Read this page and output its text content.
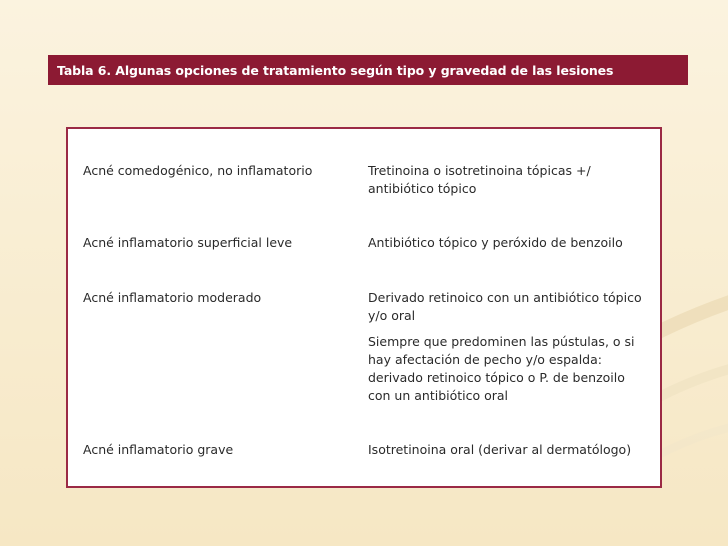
Tabla 6. Algunas opciones de tratamiento según tipo y gravedad de las lesiones
Acné comedogénico, no inflamatorio	Tretinoina o isotretinoina tópicas +/
antibiótico tópico
Acné inflamatorio superficial leve	Antibiótico tópico y peróxido de benzoilo
Acné inflamatorio moderado	Derivado retinoico con un antibiótico tópico
y/o oral
Siempre que predominen las pústulas, o si
hay afectación de pecho y/o espalda:
derivado retinoico tópico o P. de benzoilo
con un antibiótico oral
Acné inflamatorio grave	Isotretinoina oral (derivar al dermatólogo)
